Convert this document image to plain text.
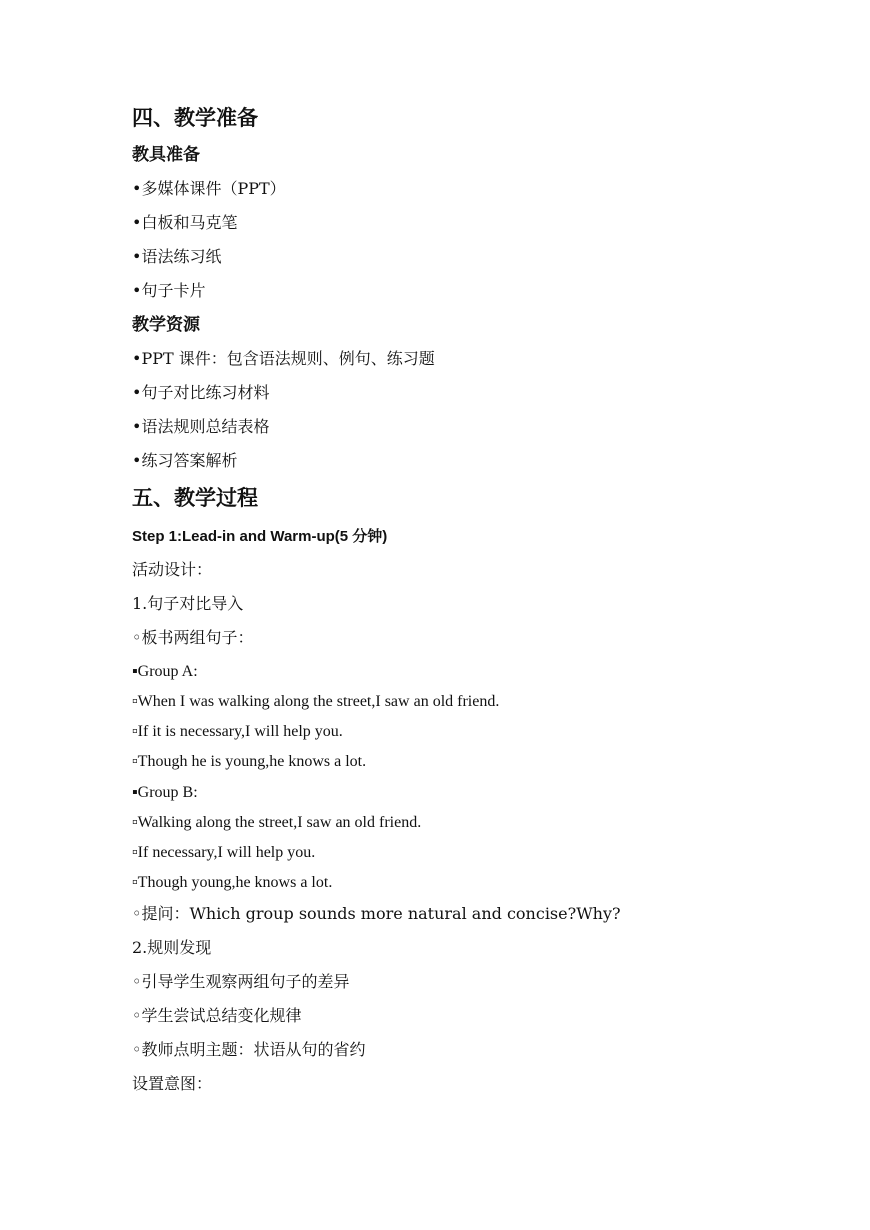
四、教学准备
教具准备
•多媒体课件（PPT）
•白板和马克笔
•语法练习纸
•句子卡片
教学资源
•PPT 课件：包含语法规则、例句、练习题
•句子对比练习材料
•语法规则总结表格
•练习答案解析
五、教学过程
Step 1:Lead-in and Warm-up(5 分钟)
活动设计：
1.句子对比导入
◦板书两组句子：
▪Group A:
▫When I was walking along the street,I saw an old friend.
▫If it is necessary,I will help you.
▫Though he is young,he knows a lot.
▪Group B:
▫Walking along the street,I saw an old friend.
▫If necessary,I will help you.
▫Though young,he knows a lot.
◦提问：Which group sounds more natural and concise?Why?
2.规则发现
◦引导学生观察两组句子的差异
◦学生尝试总结变化规律
◦教师点明主题：状语从句的省约
设置意图：
